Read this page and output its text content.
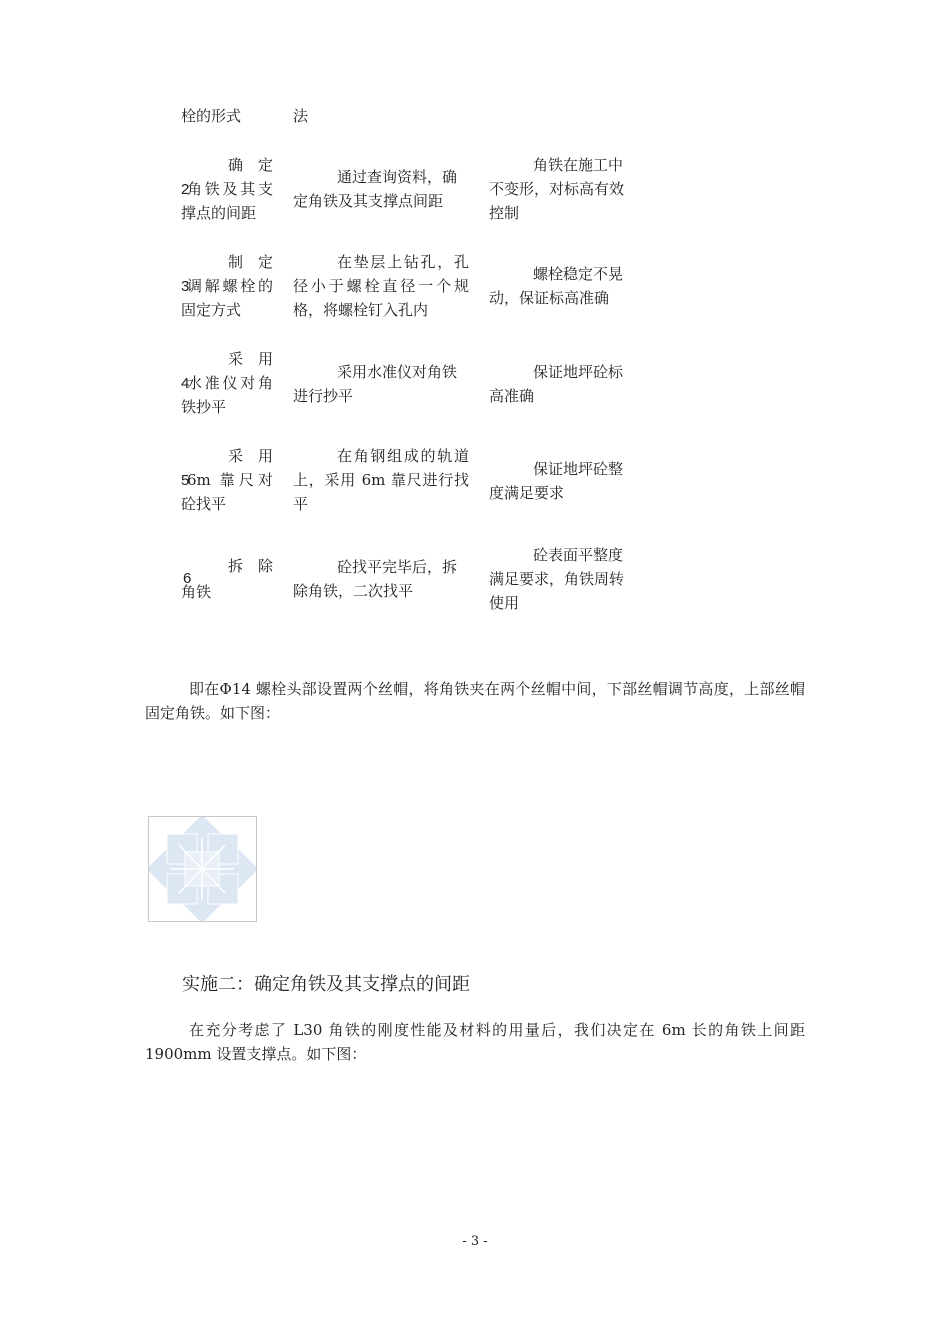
栓的形式	法
2
确　定
角铁及其支撑点的间距
通过查询资料，确定角铁及其支撑点间距
角铁在施工中不变形，对标高有效控制
3
制　定
调解螺栓的固定方式
在垫层上钻孔，孔径小于螺栓直径一个规格，将螺栓钉入孔内
螺栓稳定不晃动，保证标高准确
4
采　用
水准仪对角铁抄平
采用水准仪对角铁进行抄平
保证地坪砼标高准确
5
采　用
6m 靠尺对砼找平
在角钢组成的轨道上，采用 6m 靠尺进行找平
保证地坪砼整度满足要求
6
拆　除
角铁
砼找平完毕后，拆除角铁，二次找平
砼表面平整度满足要求，角铁周转使用
即在Φ14 螺栓头部设置两个丝帽，将角铁夹在两个丝帽中间，下部丝帽调节高度，上部丝帽固定角铁。如下图：
实施二：确定角铁及其支撑点的间距
在充分考虑了 L30 角铁的刚度性能及材料的用量后，我们决定在 6m 长的角铁上间距1900mm 设置支撑点。如下图：
- 3 -
